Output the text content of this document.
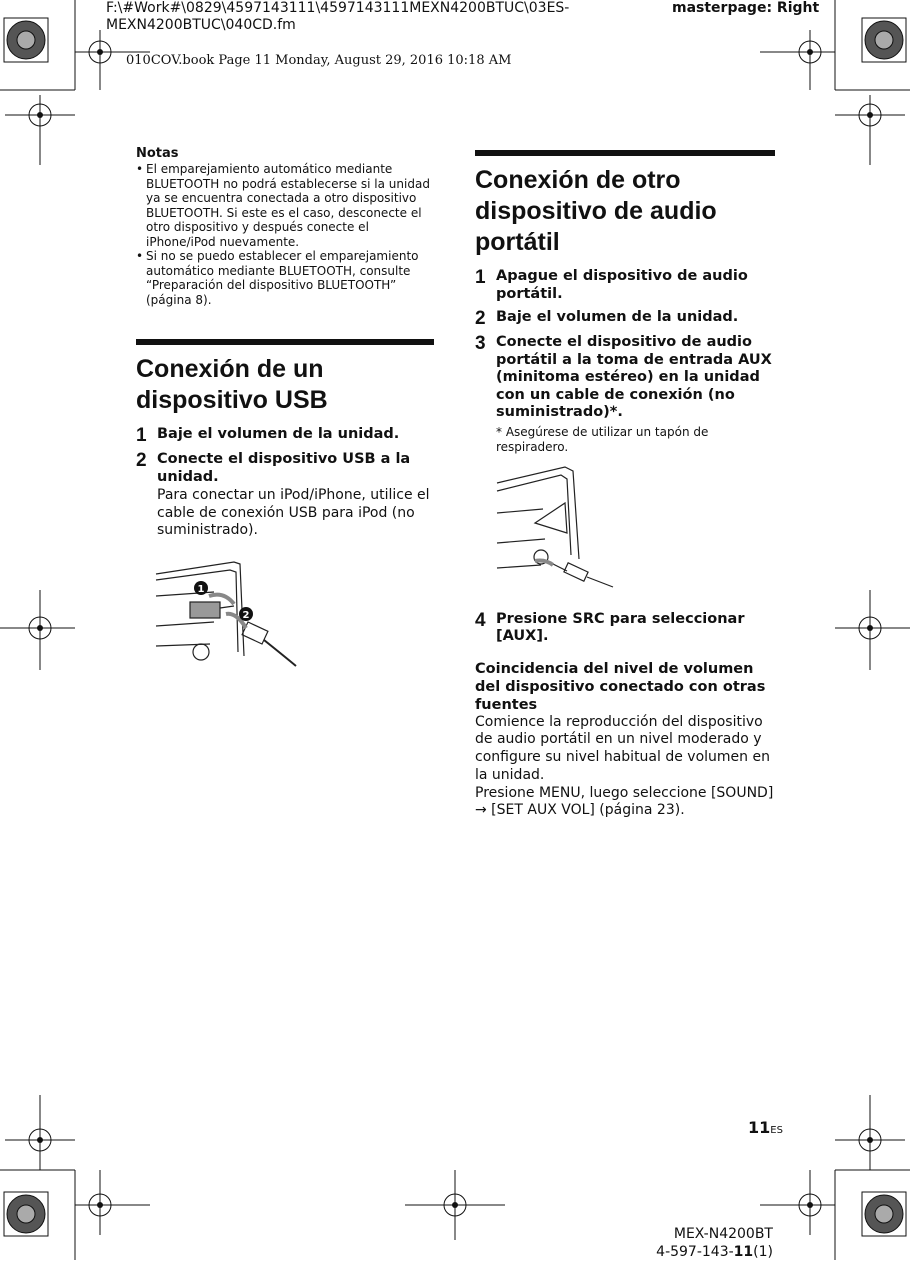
F:\#Work#\0829\4597143111\4597143111MEXN4200BTUC\03ES-
MEXN4200BTUC\040CD.fm
masterpage: Right
010COV.book Page 11 Monday, August 29, 2016 10:18 AM
Notas
• El emparejamiento automático mediante BLUETOOTH no podrá establecerse si la unidad ya se encuentra conectada a otro dispositivo BLUETOOTH. Si este es el caso, desconecte el otro dispositivo y después conecte el iPhone/iPod nuevamente.
• Si no se puedo establecer el emparejamiento automático mediante BLUETOOTH, consulte “Preparación del dispositivo BLUETOOTH” (página 8).
Conexión de un dispositivo USB
1 Baje el volumen de la unidad.
2 Conecte el dispositivo USB a la unidad.
Para conectar un iPod/iPhone, utilice el cable de conexión USB para iPod (no suministrado).
1
2
Conexión de otro dispositivo de audio portátil
1 Apague el dispositivo de audio portátil.
2 Baje el volumen de la unidad.
3 Conecte el dispositivo de audio portátil a la toma de entrada AUX (minitoma estéreo) en la unidad con un cable de conexión (no suministrado)*.
* Asegúrese de utilizar un tapón de respiradero.
4 Presione SRC para seleccionar [AUX].
Coincidencia del nivel de volumen del dispositivo conectado con otras fuentes
Comience la reproducción del dispositivo de audio portátil en un nivel moderado y configure su nivel habitual de volumen en la unidad.
Presione MENU, luego seleccione [SOUND] → [SET AUX VOL] (página 23).
11ES
MEX-N4200BT
4-597-143-11(1)
